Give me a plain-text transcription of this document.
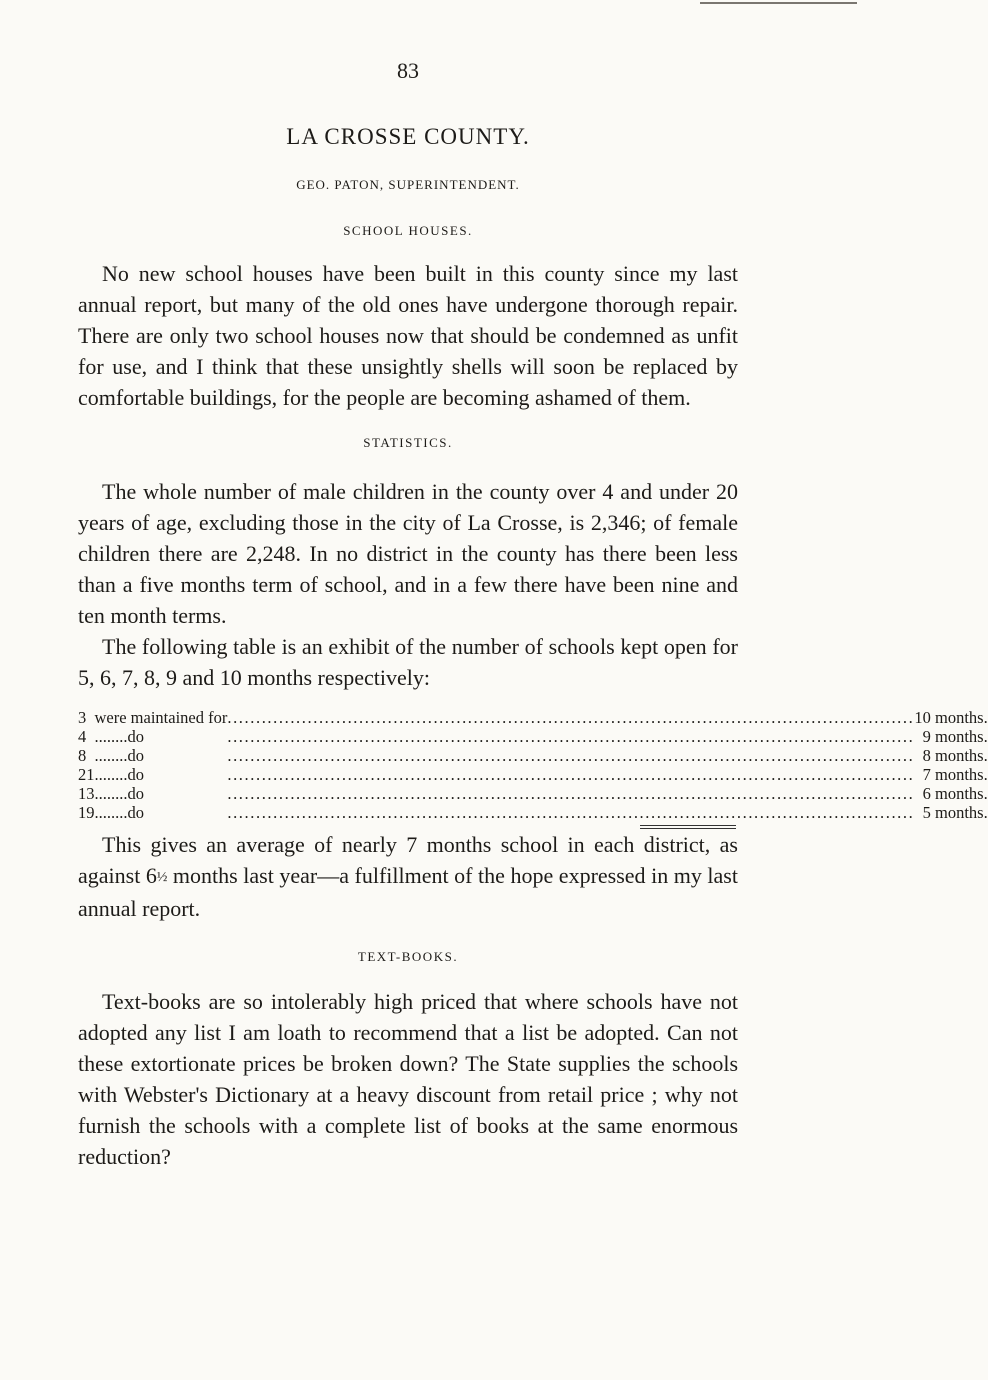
83
LA CROSSE COUNTY.
GEO. PATON, SUPERINTENDENT.
SCHOOL HOUSES.

No new school houses have been built in this county since my last annual report, but many of the old ones have undergone thorough repair. There are only two school houses now that should be condemned as unfit for use, and I think that these unsightly shells will soon be replaced by comfortable buildings, for the people are becoming ashamed of them.

STATISTICS.

The whole number of male children in the county over 4 and under 20 years of age, excluding those in the city of La Crosse, is 2,346; of female children there are 2,248. In no district in the county has there been less than a five months term of school, and in a few there have been nine and ten month terms.

The following table is an exhibit of the number of schools kept open for 5, 6, 7, 8, 9 and 10 months respectively:

3	were maintained for	........................................................................................................................	10 months.
4	........do	........................................................................................................................	9 months.
8	........do	........................................................................................................................	8 months.
21	........do	........................................................................................................................	7 months.
13	........do	........................................................................................................................	6 months.
19	........do	........................................................................................................................	5 months.

This gives an average of nearly 7 months school in each district, as against 6½ months last year—a fulfillment of the hope expressed in my last annual report.

TEXT-BOOKS.

Text-books are so intolerably high priced that where schools have not adopted any list I am loath to recommend that a list be adopted. Can not these extortionate prices be broken down? The State supplies the schools with Webster's Dictionary at a heavy discount from retail price ; why not furnish the schools with a complete list of books at the same enormous reduction?
